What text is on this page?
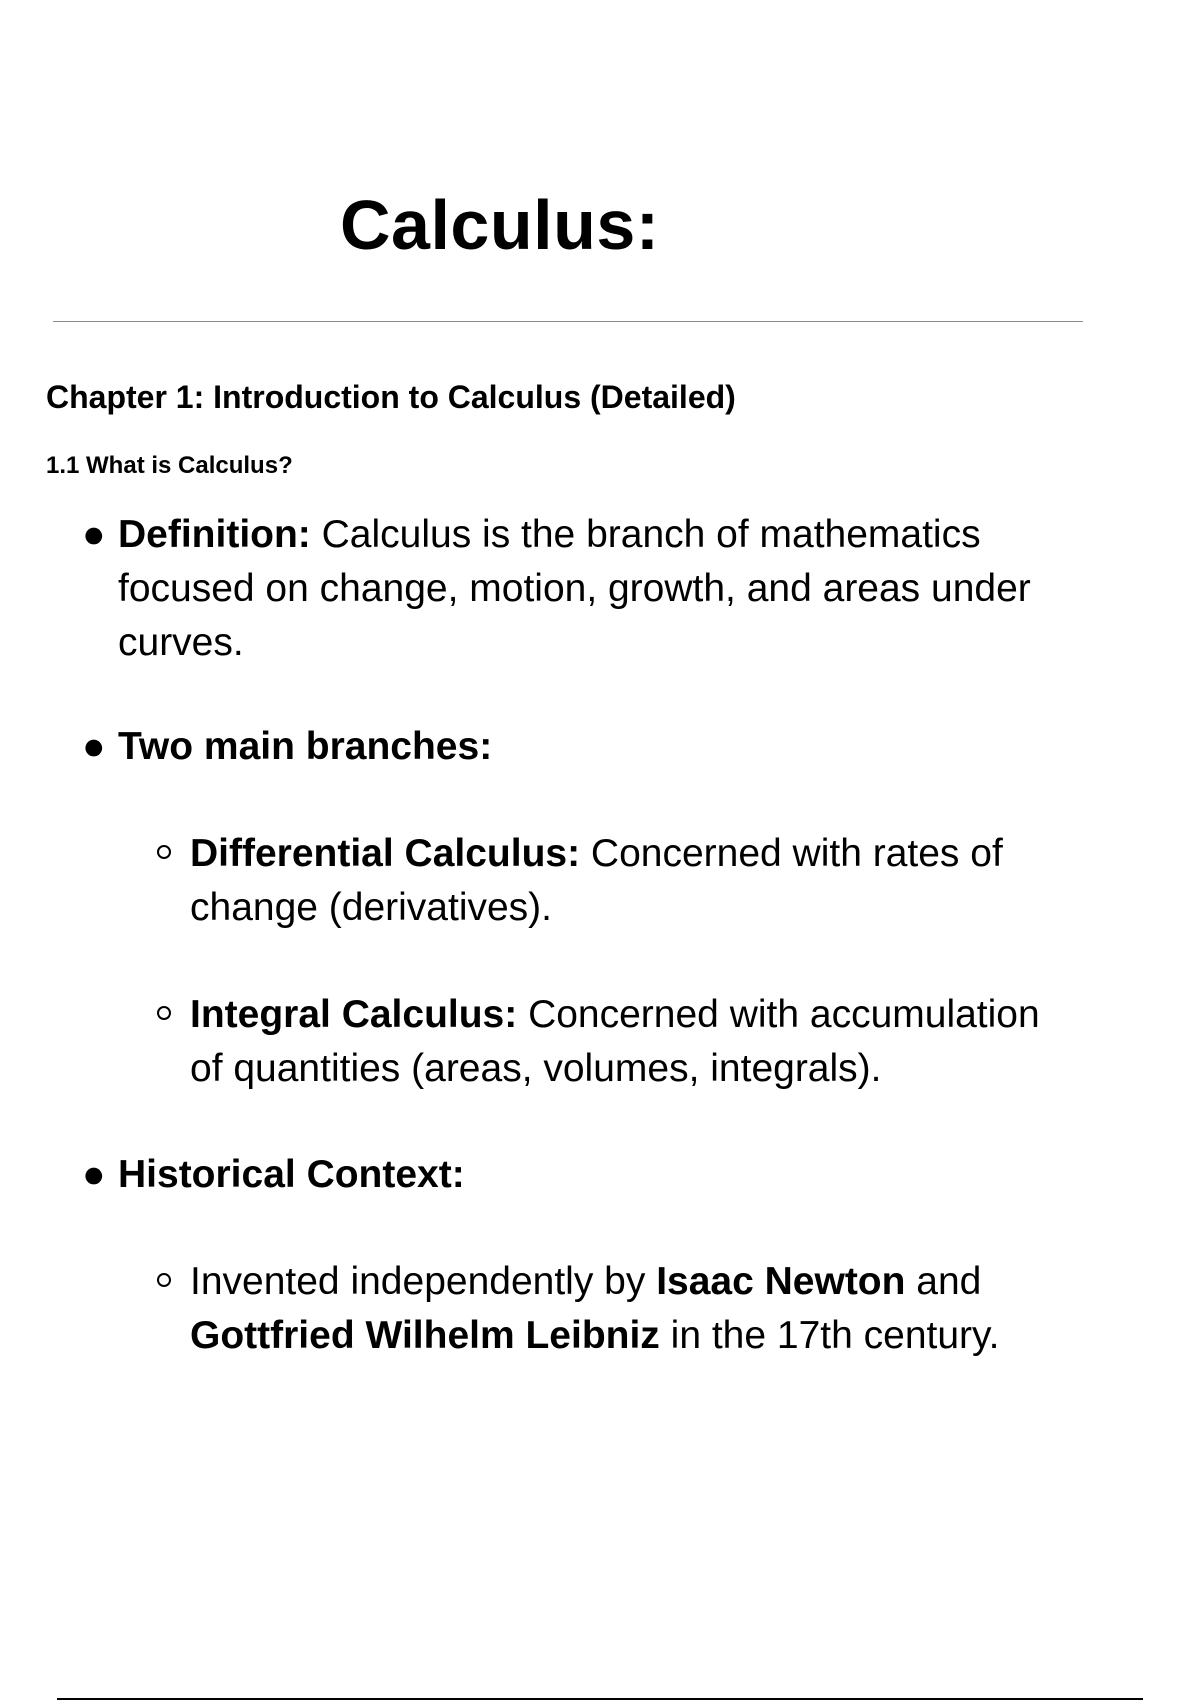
Calculus:
Chapter 1: Introduction to Calculus (Detailed)
1.1 What is Calculus?

● Definition: Calculus is the branch of mathematics focused on change, motion, growth, and areas under curves.

● Two main branches:

Differential Calculus: Concerned with rates of change (derivatives).

Integral Calculus: Concerned with accumulation of quantities (areas, volumes, integrals).

● Historical Context:

Invented independently by Isaac Newton and Gottfried Wilhelm Leibniz in the 17th century.
